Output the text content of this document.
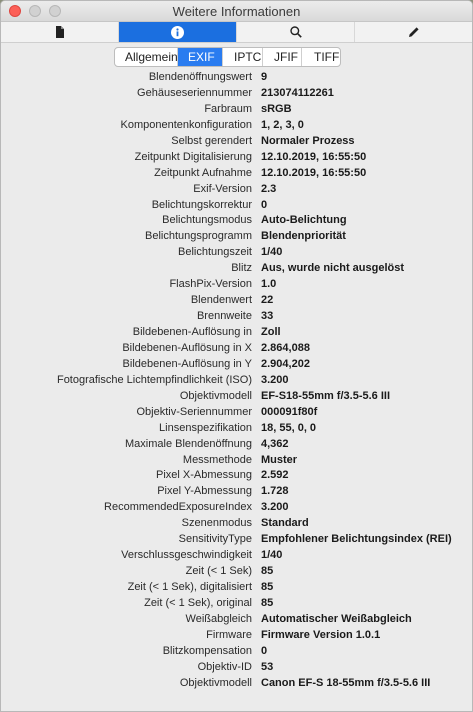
Weitere Informationen
Allgemein EXIF	IPTC	JFIF	TIFF
Blendenöffnungswert 9
Gehäuseseriennummer 213074112261
Farbraum sRGB
Komponentenkonfiguration 1, 2, 3, 0
Selbst gerendert Normaler Prozess
Zeitpunkt Digitalisierung 12.10.2019, 16:55:50
Zeitpunkt Aufnahme 12.10.2019, 16:55:50
Exif-Version 2.3
Belichtungskorrektur 0
Belichtungsmodus Auto-Belichtung
Belichtungsprogramm Blendenpriorität
Belichtungszeit 1/40
Blitz Aus, wurde nicht ausgelöst
FlashPix-Version 1.0
Blendenwert 22
Brennweite 33
Bildebenen-Auflösung in Zoll
Bildebenen-Auflösung in X 2.864,088
Bildebenen-Auflösung in Y 2.904,202
Fotografische Lichtempfindlichkeit (ISO) 3.200
Objektivmodell EF-S18-55mm f/3.5-5.6 III
Objektiv-Seriennummer 000091f80f
Linsenspezifikation 18, 55, 0, 0
Maximale Blendenöffnung 4,362
Messmethode Muster
Pixel X-Abmessung 2.592
Pixel Y-Abmessung 1.728
RecommendedExposureIndex 3.200
Szenenmodus Standard
SensitivityType Empfohlener Belichtungsindex (REI)
Verschlussgeschwindigkeit 1/40
Zeit (< 1 Sek) 85
Zeit (< 1 Sek), digitalisiert 85
Zeit (< 1 Sek), original 85
Weißabgleich Automatischer Weißabgleich
Firmware Firmware Version 1.0.1
Blitzkompensation 0
Objektiv-ID 53
Objektivmodell Canon EF-S 18-55mm f/3.5-5.6 III
